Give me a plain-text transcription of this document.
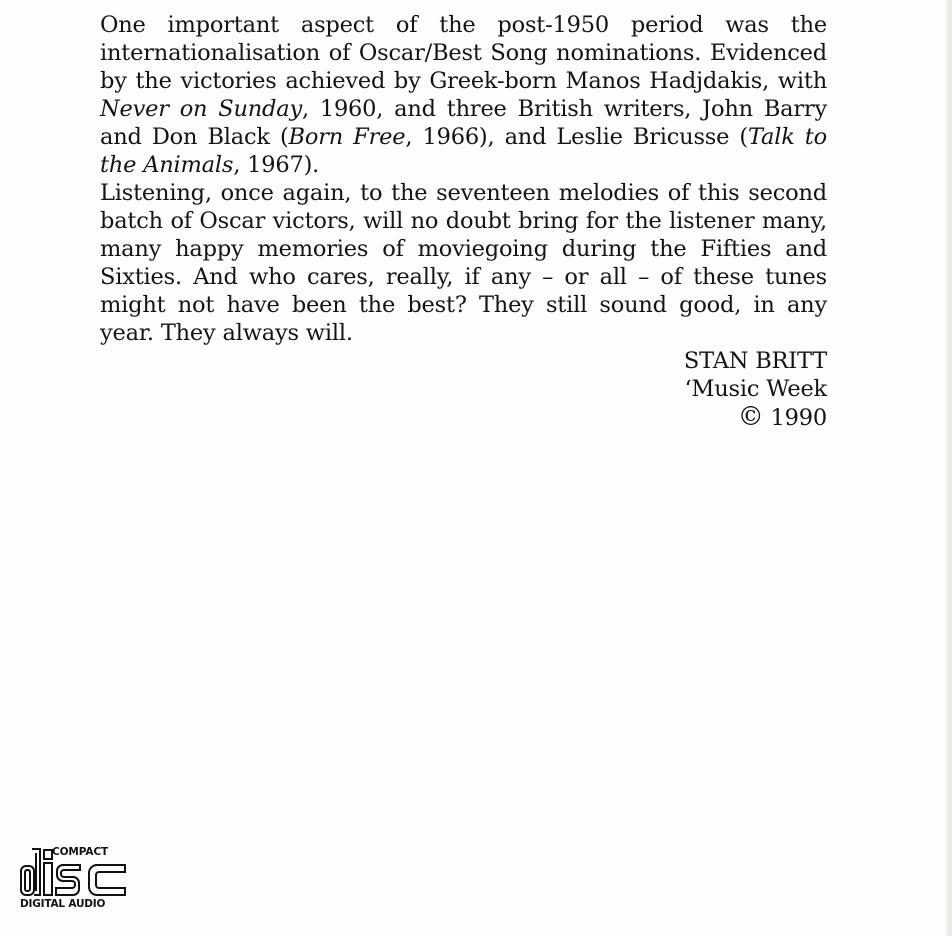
One important aspect of the post-1950 period was the internationalisation of Oscar/Best Song nominations. Evidenced by the victories achieved by Greek-born Manos Hadjdakis, with Never on Sunday, 1960, and three British writers, John Barry and Don Black (Born Free, 1966), and Leslie Bricusse (Talk to the Animals, 1967).

Listening, once again, to the seventeen melodies of this second batch of Oscar victors, will no doubt bring for the listener many, many happy memories of moviegoing during the Fifties and Sixties. And who cares, really, if any – or all – of these tunes might not have been the best? They still sound good, in any year. They always will.

STAN BRITT
‘Music Week
© 1990
COMPACT
DIGITAL AUDIO
